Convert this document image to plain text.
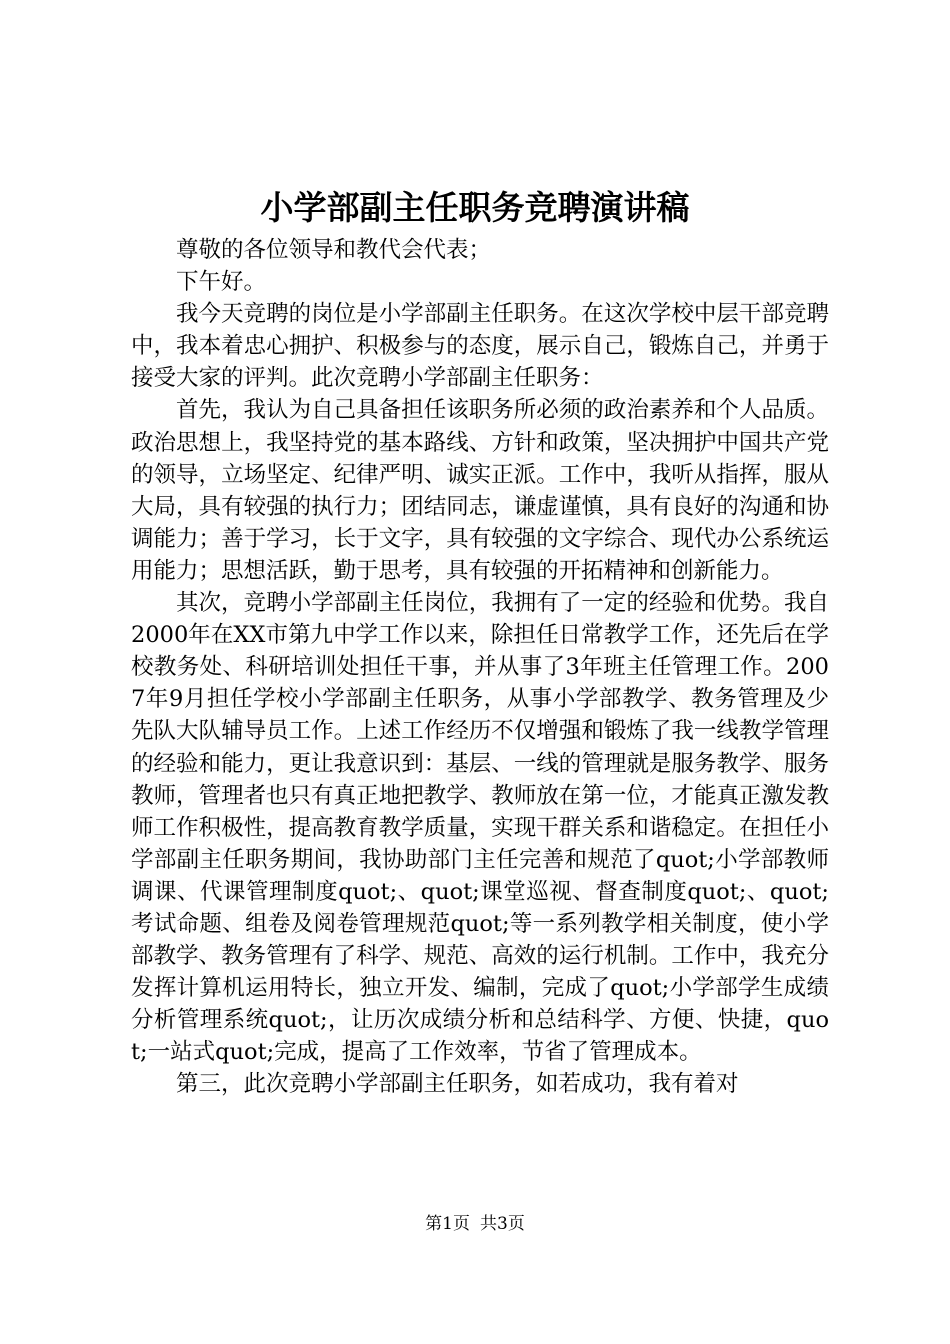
小学部副主任职务竞聘演讲稿

尊敬的各位领导和教代会代表；

下午好。

我今天竞聘的岗位是小学部副主任职务。在这次学校中层干部竞聘中，我本着忠心拥护、积极参与的态度，展示自己，锻炼自己，并勇于接受大家的评判。此次竞聘小学部副主任职务：

首先，我认为自己具备担任该职务所必须的政治素养和个人品质。政治思想上，我坚持党的基本路线、方针和政策，坚决拥护中国共产党的领导，立场坚定、纪律严明、诚实正派。工作中，我听从指挥，服从大局，具有较强的执行力；团结同志，谦虚谨慎，具有良好的沟通和协调能力；善于学习，长于文字，具有较强的文字综合、现代办公系统运用能力；思想活跃，勤于思考，具有较强的开拓精神和创新能力。

其次，竞聘小学部副主任岗位，我拥有了一定的经验和优势。我自2000年在XX市第九中学工作以来，除担任日常教学工作，还先后在学校教务处、科研培训处担任干事，并从事了3年班主任管理工作。2007年9月担任学校小学部副主任职务，从事小学部教学、教务管理及少先队大队辅导员工作。上述工作经历不仅增强和锻炼了我一线教学管理的经验和能力，更让我意识到：基层、一线的管理就是服务教学、服务教师，管理者也只有真正地把教学、教师放在第一位，才能真正激发教师工作积极性，提高教育教学质量，实现干群关系和谐稳定。在担任小学部副主任职务期间，我协助部门主任完善和规范了quot;小学部教师调课、代课管理制度quot;、quot;课堂巡视、督查制度quot;、quot;考试命题、组卷及阅卷管理规范quot;等一系列教学相关制度，使小学部教学、教务管理有了科学、规范、高效的运行机制。工作中，我充分发挥计算机运用特长，独立开发、编制，完成了quot;小学部学生成绩分析管理系统quot;，让历次成绩分析和总结科学、方便、快捷，quot;一站式quot;完成，提高了工作效率，节省了管理成本。

第三，此次竞聘小学部副主任职务，如若成功，我有着对

第1页 共3页
